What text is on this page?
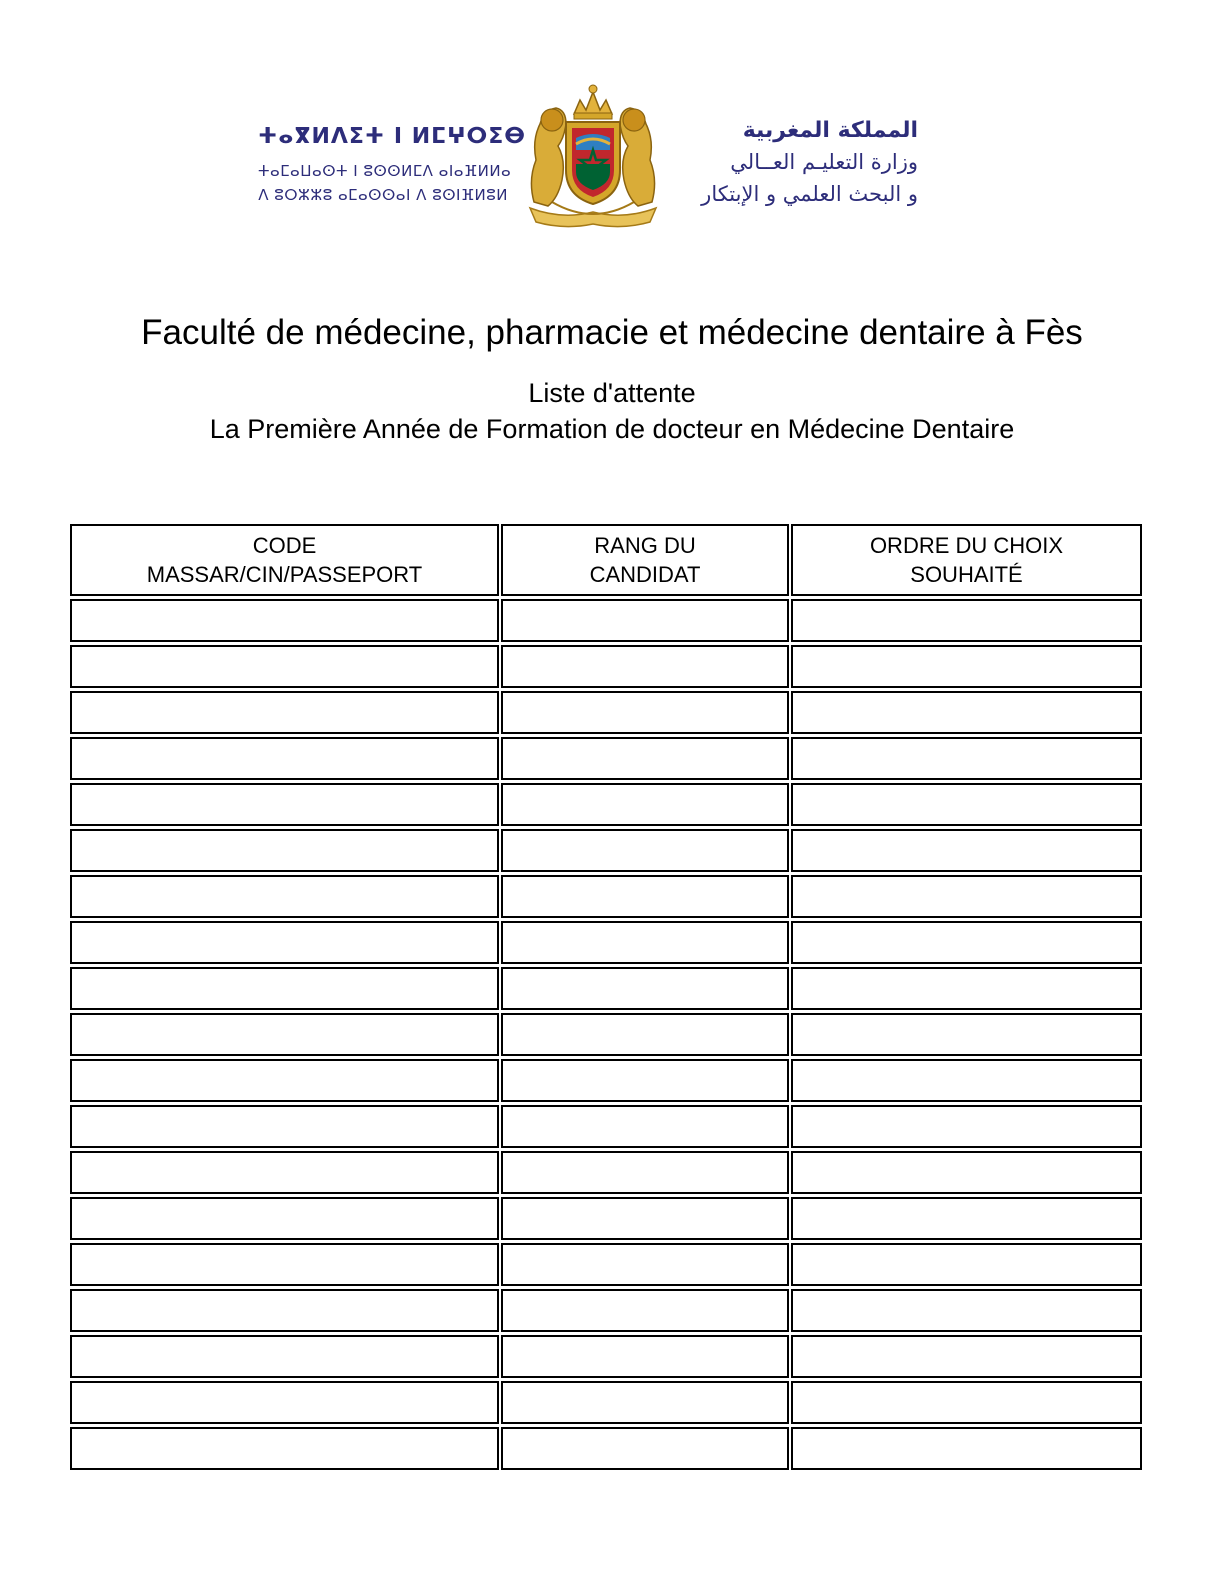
ⵜⴰⴳⵍⴷⵉⵜ ⵏ ⵍⵎⵖⵔⵉⴱ
ⵜⴰⵎⴰⵡⴰⵙⵜ ⵏ ⵓⵙⵙⵍⵎⴷ ⴰⵏⴰⴼⵍⵍⴰ
ⴷ ⵓⵔⵣⵣⵓ ⴰⵎⴰⵙⵙⴰⵏ ⴷ ⵓⵙⵏⴼⵍⵓⵍ
المملكة المغربية
وزارة التعليـم العــالي
و البحث العلمي و الإبتكار
Faculté de médecine, pharmacie et médecine dentaire à Fès
Liste d'attente
La Première Année de Formation de docteur en Médecine Dentaire
CODE
MASSAR/CIN/PASSEPORT
RANG DU
CANDIDAT
ORDRE DU CHOIX
SOUHAITÉ
